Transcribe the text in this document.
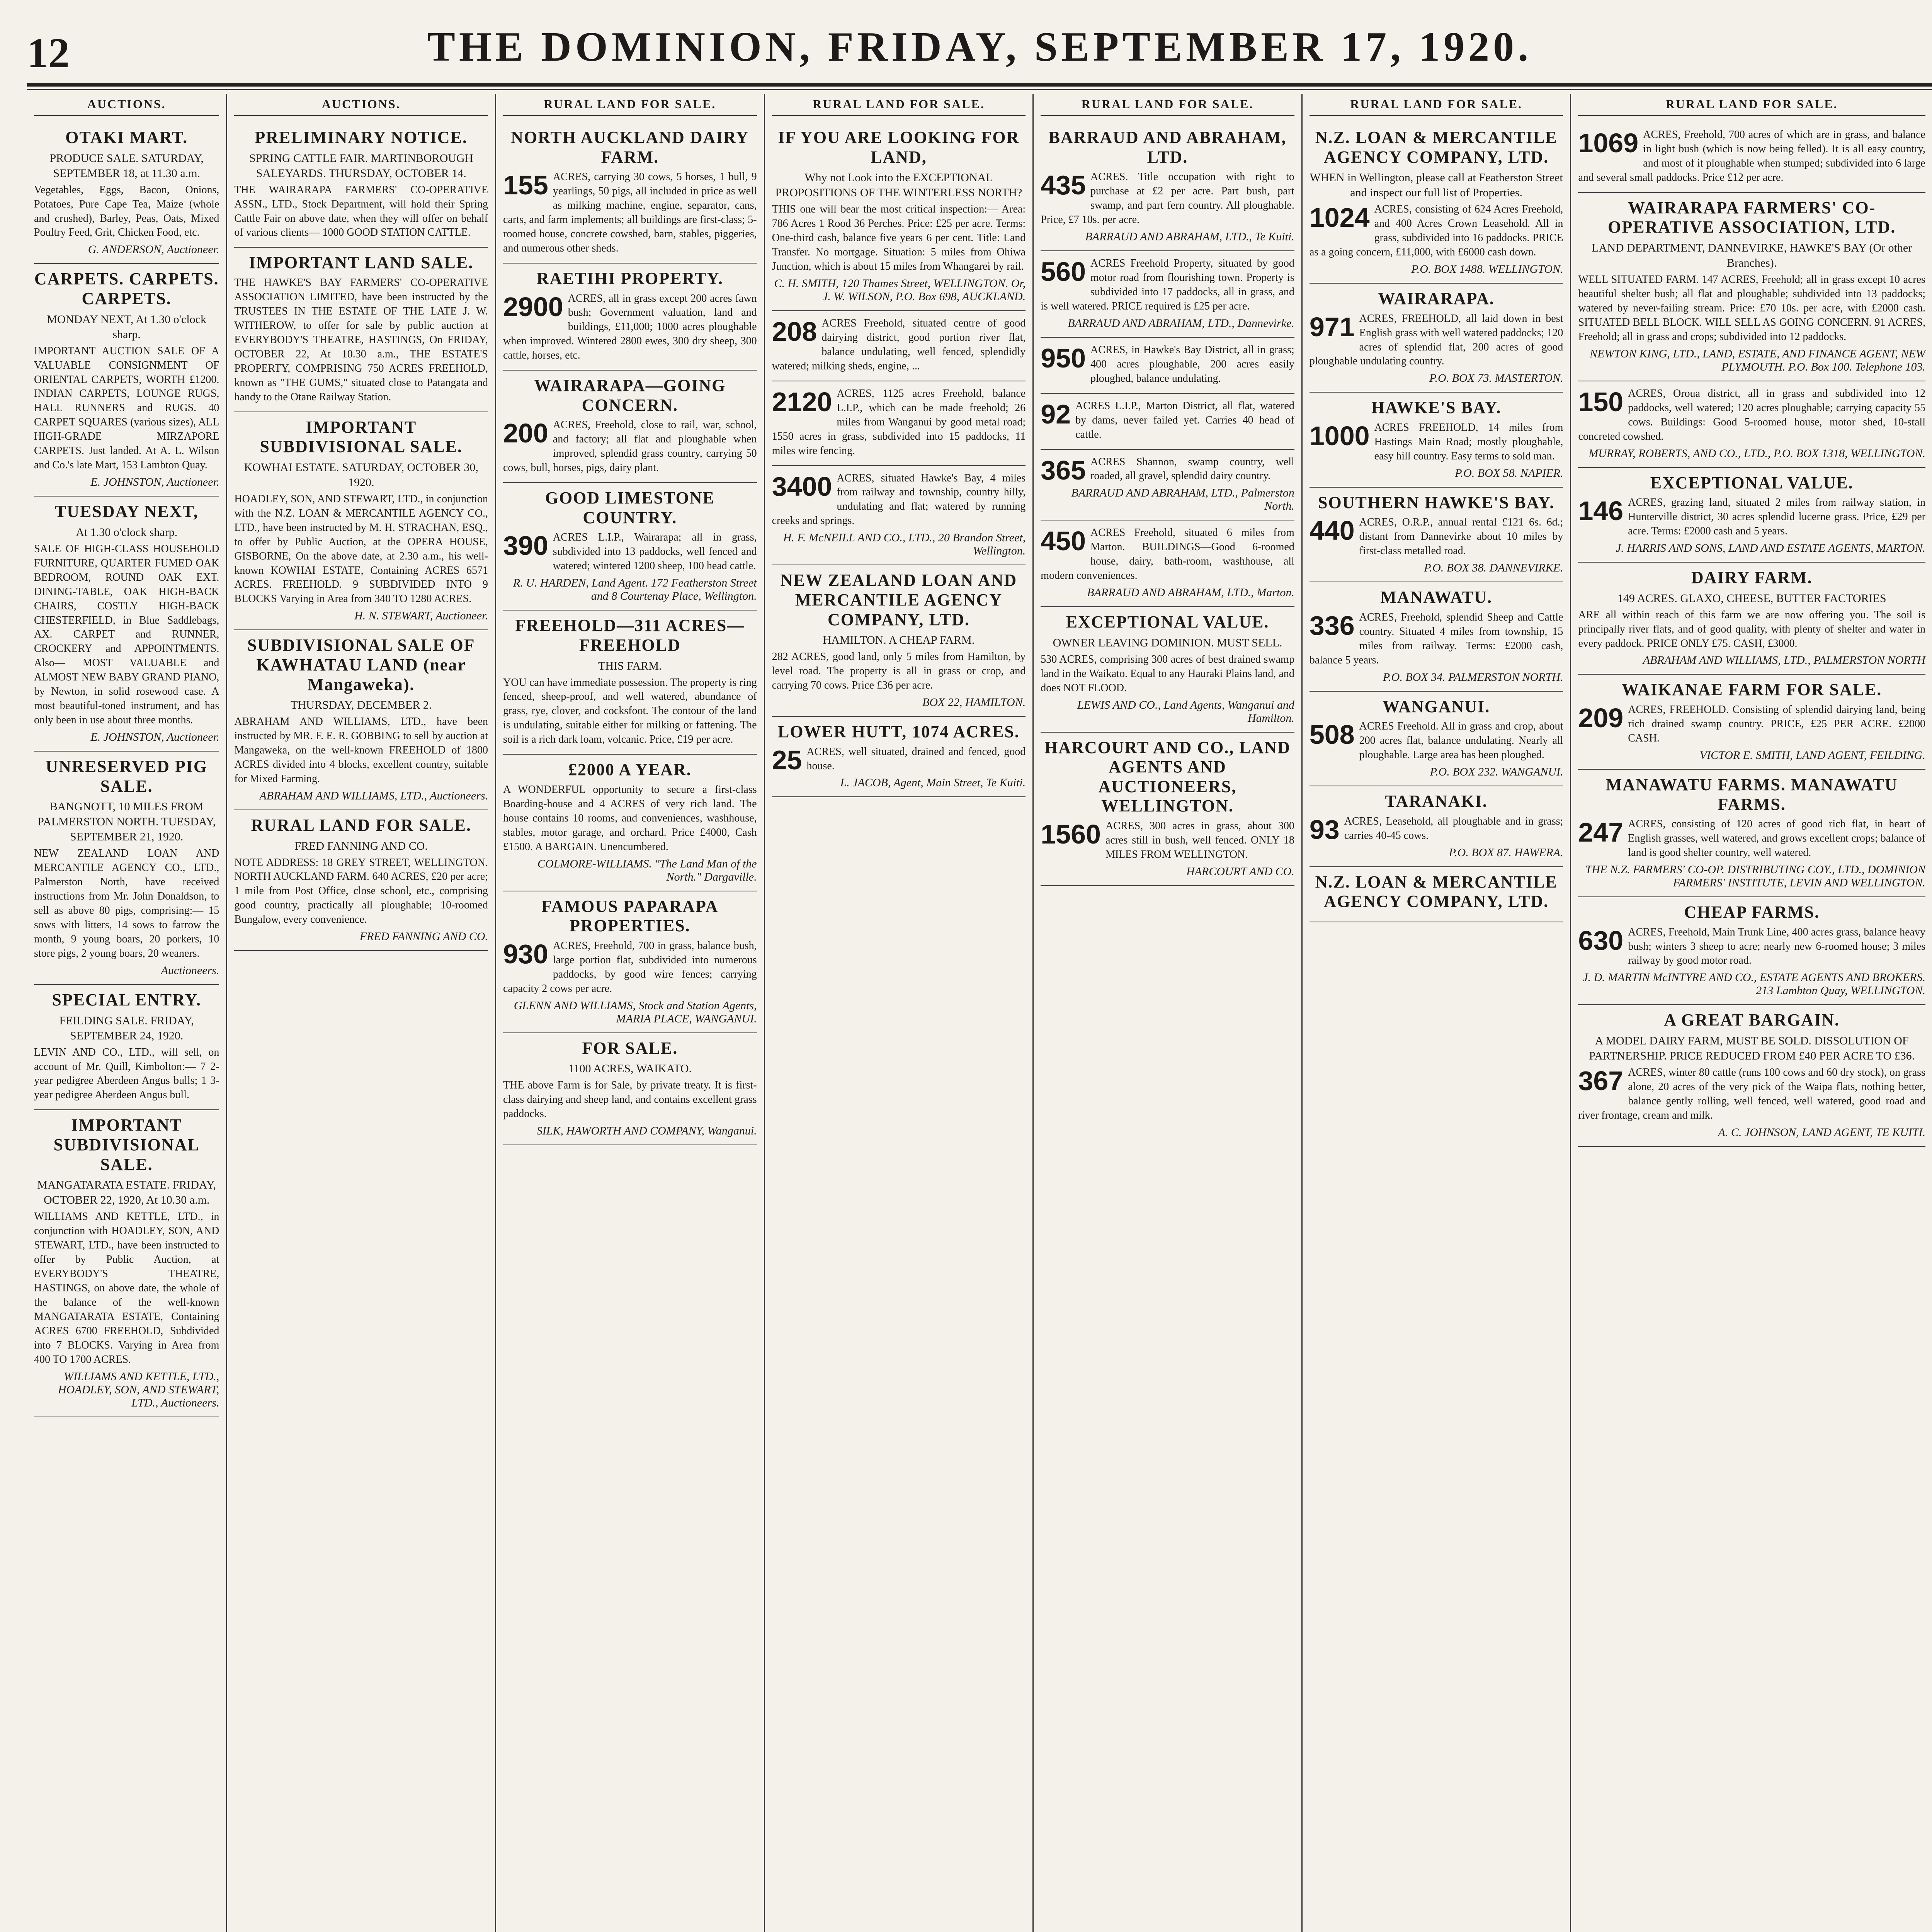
12	THE DOMINION, FRIDAY, SEPTEMBER 17, 1920.
AUCTIONS.
OTAKI MART.
PRODUCE SALE. SATURDAY, SEPTEMBER 18, at 11.30 a.m.
Vegetables, Eggs, Bacon, Onions, Potatoes, Pure Cape Tea, Maize (whole and crushed), Barley, Peas, Oats, Mixed Poultry Feed, Grit, Chicken Food, etc.
G. ANDERSON, Auctioneer.
CARPETS. CARPETS. CARPETS.
MONDAY NEXT, At 1.30 o'clock sharp.
IMPORTANT AUCTION SALE OF A VALUABLE CONSIGNMENT OF ORIENTAL CARPETS, WORTH £1200. INDIAN CARPETS, LOUNGE RUGS, HALL RUNNERS and RUGS. 40 CARPET SQUARES (various sizes), ALL HIGH-GRADE MIRZAPORE CARPETS. Just landed. At A. L. Wilson and Co.'s late Mart, 153 Lambton Quay.
E. JOHNSTON, Auctioneer.
TUESDAY NEXT,
At 1.30 o'clock sharp.
SALE OF HIGH-CLASS HOUSEHOLD FURNITURE, QUARTER FUMED OAK BEDROOM, ROUND OAK EXT. DINING-TABLE, OAK HIGH-BACK CHAIRS, COSTLY HIGH-BACK CHESTERFIELD, in Blue Saddlebags, AX. CARPET and RUNNER, CROCKERY and APPOINTMENTS. Also— MOST VALUABLE and ALMOST NEW BABY GRAND PIANO, by Newton, in solid rosewood case. A most beautiful-toned instrument, and has only been in use about three months.
E. JOHNSTON, Auctioneer.
UNRESERVED PIG SALE.
BANGNOTT, 10 MILES FROM PALMERSTON NORTH. TUESDAY, SEPTEMBER 21, 1920.
NEW ZEALAND LOAN AND MERCANTILE AGENCY CO., LTD., Palmerston North, have received instructions from Mr. John Donaldson, to sell as above 80 pigs, comprising:— 15 sows with litters, 14 sows to farrow the month, 9 young boars, 20 porkers, 10 store pigs, 2 young boars, 20 weaners.
Auctioneers.
SPECIAL ENTRY.
FEILDING SALE. FRIDAY, SEPTEMBER 24, 1920.
LEVIN AND CO., LTD., will sell, on account of Mr. Quill, Kimbolton:— 7 2-year pedigree Aberdeen Angus bulls; 1 3-year pedigree Aberdeen Angus bull.
IMPORTANT SUBDIVISIONAL SALE.
MANGATARATA ESTATE. FRIDAY, OCTOBER 22, 1920, At 10.30 a.m.
WILLIAMS AND KETTLE, LTD., in conjunction with HOADLEY, SON, AND STEWART, LTD., have been instructed to offer by Public Auction, at EVERYBODY'S THEATRE, HASTINGS, on above date, the whole of the balance of the well-known MANGATARATA ESTATE, Containing ACRES 6700 FREEHOLD, Subdivided into 7 BLOCKS. Varying in Area from 400 TO 1700 ACRES.
WILLIAMS AND KETTLE, LTD., HOADLEY, SON, AND STEWART, LTD., Auctioneers.
AUCTIONS.
PRELIMINARY NOTICE.
SPRING CATTLE FAIR. MARTINBOROUGH SALEYARDS. THURSDAY, OCTOBER 14.
THE WAIRARAPA FARMERS' CO-OPERATIVE ASSN., LTD., Stock Department, will hold their Spring Cattle Fair on above date, when they will offer on behalf of various clients— 1000 GOOD STATION CATTLE.
IMPORTANT LAND SALE.
THE HAWKE'S BAY FARMERS' CO-OPERATIVE ASSOCIATION LIMITED, have been instructed by the TRUSTEES IN THE ESTATE OF THE LATE J. W. WITHEROW, to offer for sale by public auction at EVERYBODY'S THEATRE, HASTINGS, On FRIDAY, OCTOBER 22, At 10.30 a.m., THE ESTATE'S PROPERTY, COMPRISING 750 ACRES FREEHOLD, known as "THE GUMS," situated close to Patangata and handy to the Otane Railway Station.
IMPORTANT SUBDIVISIONAL SALE.
KOWHAI ESTATE. SATURDAY, OCTOBER 30, 1920.
HOADLEY, SON, AND STEWART, LTD., in conjunction with the N.Z. LOAN & MERCANTILE AGENCY CO., LTD., have been instructed by M. H. STRACHAN, ESQ., to offer by Public Auction, at the OPERA HOUSE, GISBORNE, On the above date, at 2.30 a.m., his well-known KOWHAI ESTATE, Containing ACRES 6571 ACRES. FREEHOLD. 9 SUBDIVIDED INTO 9 BLOCKS Varying in Area from 340 TO 1280 ACRES.
H. N. STEWART, Auctioneer.
SUBDIVISIONAL SALE OF KAWHATAU LAND (near Mangaweka).
THURSDAY, DECEMBER 2.
ABRAHAM AND WILLIAMS, LTD., have been instructed by MR. F. E. R. GOBBING to sell by auction at Mangaweka, on the well-known FREEHOLD of 1800 ACRES divided into 4 blocks, excellent country, suitable for Mixed Farming.
ABRAHAM AND WILLIAMS, LTD., Auctioneers.
RURAL LAND FOR SALE.
FRED FANNING AND CO.
NOTE ADDRESS: 18 GREY STREET, WELLINGTON. NORTH AUCKLAND FARM. 640 ACRES, £20 per acre; 1 mile from Post Office, close school, etc., comprising good country, practically all ploughable; 10-roomed Bungalow, every convenience.
FRED FANNING AND CO.
RURAL LAND FOR SALE.
NORTH AUCKLAND DAIRY FARM.
155 ACRES, carrying 30 cows, 5 horses, 1 bull, 9 yearlings, 50 pigs, all included in price as well as milking machine, engine, separator, cans, carts, and farm implements; all buildings are first-class; 5-roomed house, concrete cowshed, barn, stables, piggeries, and numerous other sheds.
RAETIHI PROPERTY.
2900 ACRES, all in grass except 200 acres fawn bush; Government valuation, land and buildings, £11,000; 1000 acres ploughable when improved. Wintered 2800 ewes, 300 dry sheep, 300 cattle, horses, etc.
WAIRARAPA—GOING CONCERN.
200 ACRES, Freehold, close to rail, war, school, and factory; all flat and ploughable when improved, splendid grass country, carrying 50 cows, bull, horses, pigs, dairy plant.
GOOD LIMESTONE COUNTRY.
390 ACRES L.I.P., Wairarapa; all in grass, subdivided into 13 paddocks, well fenced and watered; wintered 1200 sheep, 100 head cattle.
R. U. HARDEN, Land Agent. 172 Featherston Street and 8 Courtenay Place, Wellington.
FREEHOLD—311 ACRES—FREEHOLD
THIS FARM.
YOU can have immediate possession. The property is ring fenced, sheep-proof, and well watered, abundance of grass, rye, clover, and cocksfoot. The contour of the land is undulating, suitable either for milking or fattening. The soil is a rich dark loam, volcanic. Price, £19 per acre.
£2000 A YEAR.
A WONDERFUL opportunity to secure a first-class Boarding-house and 4 ACRES of very rich land. The house contains 10 rooms, and conveniences, washhouse, stables, motor garage, and orchard. Price £4000, Cash £1500. A BARGAIN. Unencumbered.
COLMORE-WILLIAMS. "The Land Man of the North." Dargaville.
FAMOUS PAPARAPA PROPERTIES.
930 ACRES, Freehold, 700 in grass, balance bush, large portion flat, subdivided into numerous paddocks, by good wire fences; carrying capacity 2 cows per acre.
GLENN AND WILLIAMS, Stock and Station Agents, MARIA PLACE, WANGANUI.
FOR SALE.
1100 ACRES, WAIKATO.
THE above Farm is for Sale, by private treaty. It is first-class dairying and sheep land, and contains excellent grass paddocks.
SILK, HAWORTH AND COMPANY, Wanganui.
RURAL LAND FOR SALE.
IF YOU ARE LOOKING FOR LAND,
Why not Look into the EXCEPTIONAL PROPOSITIONS OF THE WINTERLESS NORTH?
THIS one will bear the most critical inspection:— Area: 786 Acres 1 Rood 36 Perches. Price: £25 per acre. Terms: One-third cash, balance five years 6 per cent. Title: Land Transfer. No mortgage. Situation: 5 miles from Ohiwa Junction, which is about 15 miles from Whangarei by rail.
C. H. SMITH, 120 Thames Street, WELLINGTON. Or, J. W. WILSON, P.O. Box 698, AUCKLAND.
208 ACRES Freehold, situated centre of good dairying district, good portion river flat, balance undulating, well fenced, splendidly watered; milking sheds, engine, ...
2120 ACRES, 1125 acres Freehold, balance L.I.P., which can be made freehold; 26 miles from Wanganui by good metal road; 1550 acres in grass, subdivided into 15 paddocks, 11 miles wire fencing.
3400 ACRES, situated Hawke's Bay, 4 miles from railway and township, country hilly, undulating and flat; watered by running creeks and springs.
H. F. McNEILL AND CO., LTD., 20 Brandon Street, Wellington.
NEW ZEALAND LOAN AND MERCANTILE AGENCY COMPANY, LTD.
HAMILTON. A CHEAP FARM.
282 ACRES, good land, only 5 miles from Hamilton, by level road. The property is all in grass or crop, and carrying 70 cows. Price £36 per acre.
BOX 22, HAMILTON.
LOWER HUTT, 1074 ACRES.
25 ACRES, well situated, drained and fenced, good house.
L. JACOB, Agent, Main Street, Te Kuiti.
RURAL LAND FOR SALE.
BARRAUD AND ABRAHAM, LTD.
435 ACRES. Title occupation with right to purchase at £2 per acre. Part bush, part swamp, and part fern country. All ploughable. Price, £7 10s. per acre.
BARRAUD AND ABRAHAM, LTD., Te Kuiti.
560 ACRES Freehold Property, situated by good motor road from flourishing town. Property is subdivided into 17 paddocks, all in grass, and is well watered. PRICE required is £25 per acre.
BARRAUD AND ABRAHAM, LTD., Dannevirke.
950 ACRES, in Hawke's Bay District, all in grass; 400 acres ploughable, 200 acres easily ploughed, balance undulating.
92 ACRES L.I.P., Marton District, all flat, watered by dams, never failed yet. Carries 40 head of cattle.
365 ACRES Shannon, swamp country, well roaded, all gravel, splendid dairy country.
BARRAUD AND ABRAHAM, LTD., Palmerston North.
450 ACRES Freehold, situated 6 miles from Marton. BUILDINGS—Good 6-roomed house, dairy, bath-room, washhouse, all modern conveniences.
BARRAUD AND ABRAHAM, LTD., Marton.
EXCEPTIONAL VALUE.
OWNER LEAVING DOMINION. MUST SELL.
530 ACRES, comprising 300 acres of best drained swamp land in the Waikato. Equal to any Hauraki Plains land, and does NOT FLOOD.
LEWIS AND CO., Land Agents, Wanganui and Hamilton.
HARCOURT AND CO., LAND AGENTS AND AUCTIONEERS, WELLINGTON.
1560 ACRES, 300 acres in grass, about 300 acres still in bush, well fenced. ONLY 18 MILES FROM WELLINGTON.
HARCOURT AND CO.
RURAL LAND FOR SALE.
N.Z. LOAN & MERCANTILE AGENCY COMPANY, LTD.
WHEN in Wellington, please call at Featherston Street and inspect our full list of Properties.
1024 ACRES, consisting of 624 Acres Freehold, and 400 Acres Crown Leasehold. All in grass, subdivided into 16 paddocks. PRICE as a going concern, £11,000, with £6000 cash down.
P.O. BOX 1488. WELLINGTON.
WAIRARAPA.
971 ACRES, FREEHOLD, all laid down in best English grass with well watered paddocks; 120 acres of splendid flat, 200 acres of good ploughable undulating country.
P.O. BOX 73. MASTERTON.
HAWKE'S BAY.
1000 ACRES FREEHOLD, 14 miles from Hastings Main Road; mostly ploughable, easy hill country. Easy terms to sold man.
P.O. BOX 58. NAPIER.
SOUTHERN HAWKE'S BAY.
440 ACRES, O.R.P., annual rental £121 6s. 6d.; distant from Dannevirke about 10 miles by first-class metalled road.
P.O. BOX 38. DANNEVIRKE.
MANAWATU.
336 ACRES, Freehold, splendid Sheep and Cattle country. Situated 4 miles from township, 15 miles from railway. Terms: £2000 cash, balance 5 years.
P.O. BOX 34. PALMERSTON NORTH.
WANGANUI.
508 ACRES Freehold. All in grass and crop, about 200 acres flat, balance undulating. Nearly all ploughable. Large area has been ploughed.
P.O. BOX 232. WANGANUI.
TARANAKI.
93 ACRES, Leasehold, all ploughable and in grass; carries 40-45 cows.
P.O. BOX 87. HAWERA.
N.Z. LOAN & MERCANTILE AGENCY COMPANY, LTD.
RURAL LAND FOR SALE.
1069 ACRES, Freehold, 700 acres of which are in grass, and balance in light bush (which is now being felled). It is all easy country, and most of it ploughable when stumped; subdivided into 6 large and several small paddocks. Price £12 per acre.
WAIRARAPA FARMERS' CO-OPERATIVE ASSOCIATION, LTD.
LAND DEPARTMENT, DANNEVIRKE, HAWKE'S BAY (Or other Branches).
WELL SITUATED FARM. 147 ACRES, Freehold; all in grass except 10 acres beautiful shelter bush; all flat and ploughable; subdivided into 13 paddocks; watered by never-failing stream. Price: £70 10s. per acre, with £2000 cash. SITUATED BELL BLOCK. WILL SELL AS GOING CONCERN. 91 ACRES, Freehold; all in grass and crops; subdivided into 12 paddocks.
NEWTON KING, LTD., LAND, ESTATE, AND FINANCE AGENT, NEW PLYMOUTH. P.O. Box 100. Telephone 103.
150 ACRES, Oroua district, all in grass and subdivided into 12 paddocks, well watered; 120 acres ploughable; carrying capacity 55 cows. Buildings: Good 5-roomed house, motor shed, 10-stall concreted cowshed.
MURRAY, ROBERTS, AND CO., LTD., P.O. BOX 1318, WELLINGTON.
EXCEPTIONAL VALUE.
146 ACRES, grazing land, situated 2 miles from railway station, in Hunterville district, 30 acres splendid lucerne grass. Price, £29 per acre. Terms: £2000 cash and 5 years.
J. HARRIS AND SONS, LAND AND ESTATE AGENTS, MARTON.
DAIRY FARM.
149 ACRES. GLAXO, CHEESE, BUTTER FACTORIES
ARE all within reach of this farm we are now offering you. The soil is principally river flats, and of good quality, with plenty of shelter and water in every paddock. PRICE ONLY £75. CASH, £3000.
ABRAHAM AND WILLIAMS, LTD., PALMERSTON NORTH
WAIKANAE FARM FOR SALE.
209 ACRES, FREEHOLD. Consisting of splendid dairying land, being rich drained swamp country. PRICE, £25 PER ACRE. £2000 CASH.
VICTOR E. SMITH, LAND AGENT, FEILDING.
MANAWATU FARMS. MANAWATU FARMS.
247 ACRES, consisting of 120 acres of good rich flat, in heart of English grasses, well watered, and grows excellent crops; balance of land is good shelter country, well watered.
THE N.Z. FARMERS' CO-OP. DISTRIBUTING COY., LTD., DOMINION FARMERS' INSTITUTE, LEVIN AND WELLINGTON.
CHEAP FARMS.
630 ACRES, Freehold, Main Trunk Line, 400 acres grass, balance heavy bush; winters 3 sheep to acre; nearly new 6-roomed house; 3 miles railway by good motor road.
J. D. MARTIN McINTYRE AND CO., ESTATE AGENTS AND BROKERS. 213 Lambton Quay, WELLINGTON.
A GREAT BARGAIN.
A MODEL DAIRY FARM, MUST BE SOLD. DISSOLUTION OF PARTNERSHIP. PRICE REDUCED FROM £40 PER ACRE TO £36.
367 ACRES, winter 80 cattle (runs 100 cows and 60 dry stock), on grass alone, 20 acres of the very pick of the Waipa flats, nothing better, balance gently rolling, well fenced, well watered, good road and river frontage, cream and milk.
A. C. JOHNSON, LAND AGENT, TE KUITI.
